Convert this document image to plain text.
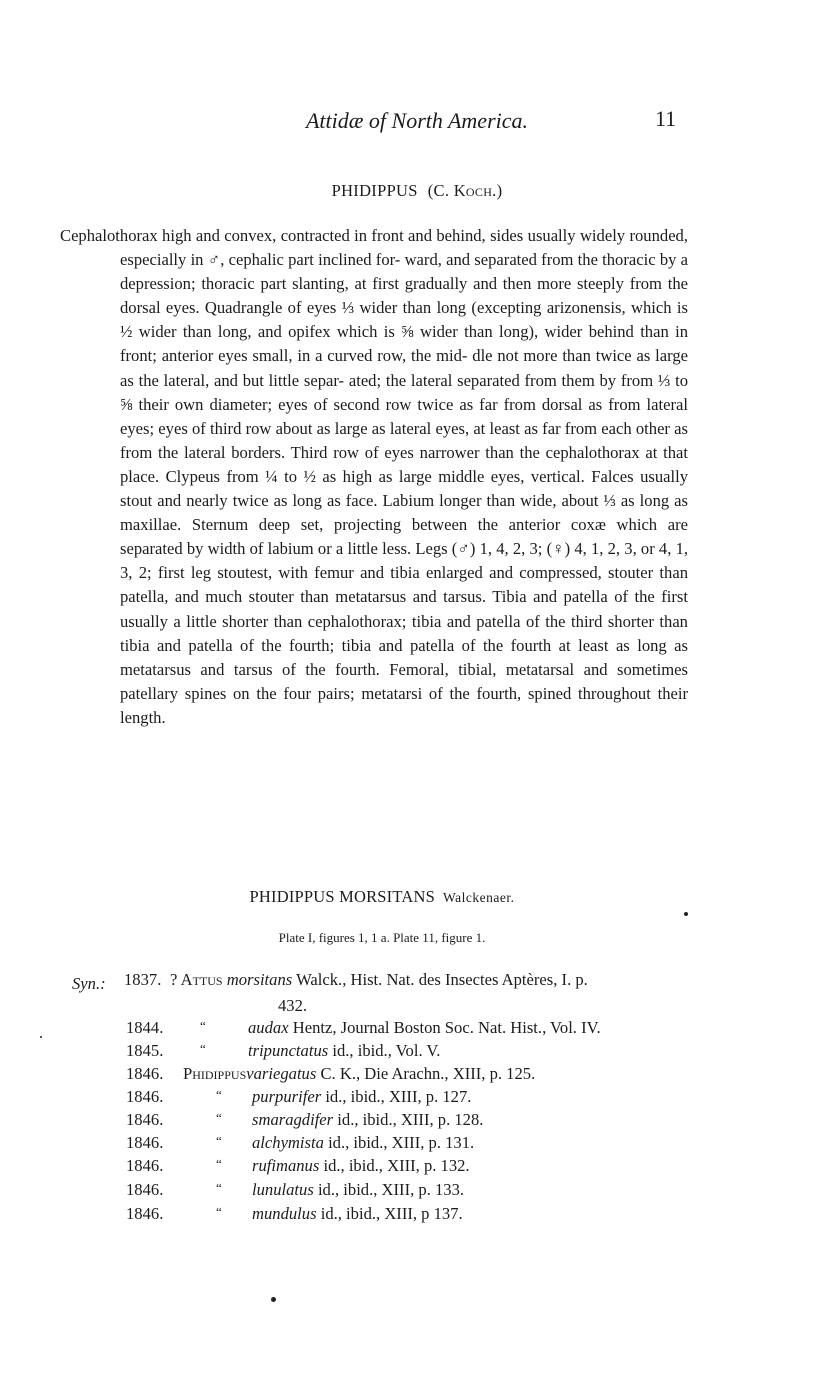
Attidæ of North America.	11
PHIDIPPUS (C. Koch.)

Cephalothorax high and convex, contracted in front and behind, sides usually widely rounded, especially in ♂, cephalic part inclined for- ward, and separated from the thoracic by a depression; thoracic part slanting, at first gradually and then more steeply from the dorsal eyes. Quadrangle of eyes ⅓ wider than long (excepting arizonensis, which is ½ wider than long, and opifex which is ⅝ wider than long), wider behind than in front; anterior eyes small, in a curved row, the mid- dle not more than twice as large as the lateral, and but little separ- ated; the lateral separated from them by from ⅓ to ⅝ their own diameter; eyes of second row twice as far from dorsal as from lateral eyes; eyes of third row about as large as lateral eyes, at least as far from each other as from the lateral borders. Third row of eyes narrower than the cephalothorax at that place. Clypeus from ¼ to ½ as high as large middle eyes, vertical. Falces usually stout and nearly twice as long as face. Labium longer than wide, about ⅓ as long as maxillae. Sternum deep set, projecting between the anterior coxæ which are separated by width of labium or a little less. Legs (♂) 1, 4, 2, 3; (♀) 4, 1, 2, 3, or 4, 1, 3, 2; first leg stoutest, with femur and tibia enlarged and compressed, stouter than patella, and much stouter than metatarsus and tarsus. Tibia and patella of the first usually a little shorter than cephalothorax; tibia and patella of the third shorter than tibia and patella of the fourth; tibia and patella of the fourth at least as long as metatarsus and tarsus of the fourth. Femoral, tibial, metatarsal and sometimes patellary spines on the four pairs; metatarsi of the fourth, spined throughout their length.

PHIDIPPUS MORSITANS Walckenaer.
Plate I, figures 1, 1 a. Plate 11, figure 1.
Syn.: 1837. ? Attus morsitans Walck., Hist. Nat. des Insectes Aptères, I. p.
432.
1844.	“	audax Hentz, Journal Boston Soc. Nat. Hist., Vol. IV.
1845.	“	tripunctatus id., ibid., Vol. V.
1846. Phidippusvariegatus C. K., Die Arachn., XIII, p. 125.
1846.	“ purpurifer id., ibid., XIII, p. 127.
1846.	“ smaragdifer id., ibid., XIII, p. 128.
1846.	“ alchymista id., ibid., XIII, p. 131.
1846.	“ rufimanus id., ibid., XIII, p. 132.
1846.	“ lunulatus id., ibid., XIII, p. 133.
1846.	“ mundulus id., ibid., XIII, p 137.
